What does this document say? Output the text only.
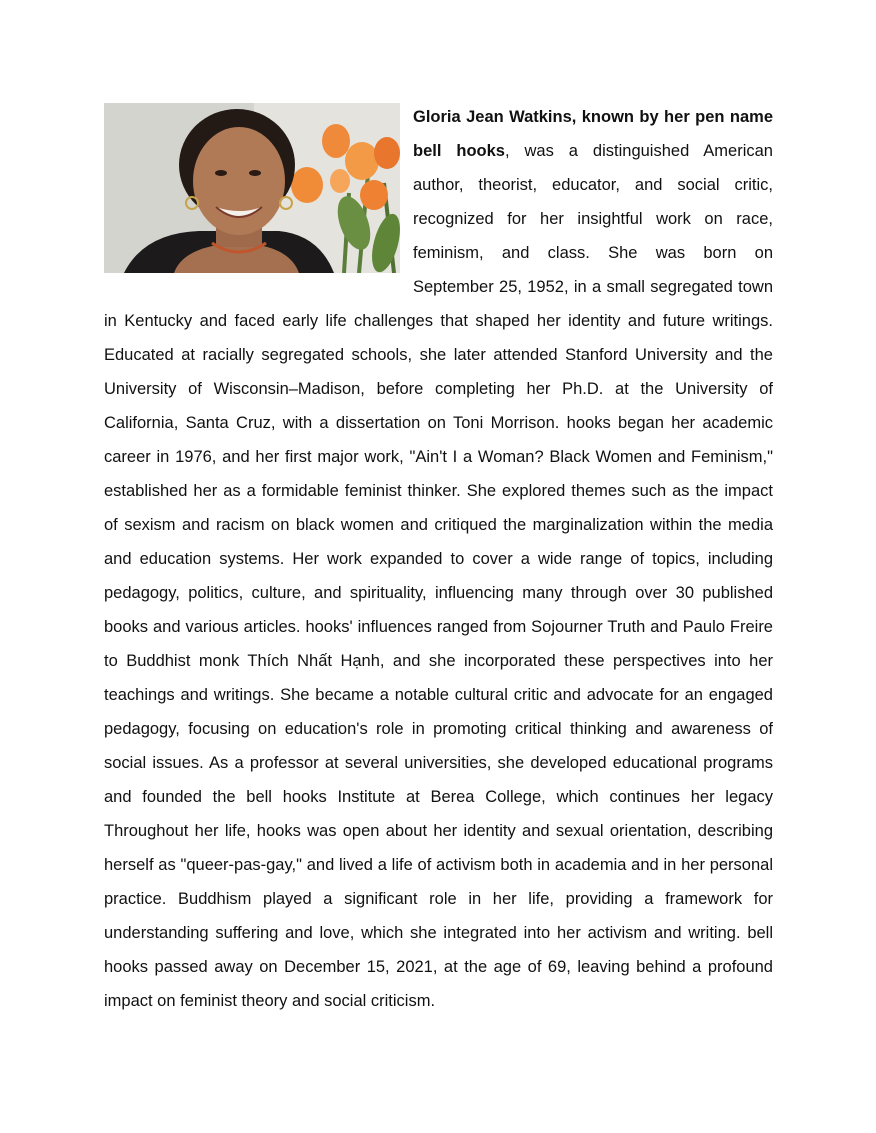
Gloria Jean Watkins, known by her pen name bell hooks, was a distinguished American author, theorist, educator, and social critic, recognized for her insightful work on race, feminism, and class. She was born on September 25, 1952, in a small segregated town in Kentucky and faced early life challenges that shaped her identity and future writings. Educated at racially segregated schools, she later attended Stanford University and the University of Wisconsin–Madison, before completing her Ph.D. at the University of California, Santa Cruz, with a dissertation on Toni Morrison. hooks began her academic career in 1976, and her first major work, "Ain't I a Woman? Black Women and Feminism," established her as a formidable feminist thinker. She explored themes such as the impact of sexism and racism on black women and critiqued the marginalization within the media and education systems. Her work expanded to cover a wide range of topics, including pedagogy, politics, culture, and spirituality, influencing many through over 30 published books and various articles. hooks' influences ranged from Sojourner Truth and Paulo Freire to Buddhist monk Thích Nhất Hạnh, and she incorporated these perspectives into her teachings and writings. She became a notable cultural critic and advocate for an engaged pedagogy, focusing on education's role in promoting critical thinking and awareness of social issues. As a professor at several universities, she developed educational programs and founded the bell hooks Institute at Berea College, which continues her legacy Throughout her life, hooks was open about her identity and sexual orientation, describing herself as "queer-pas-gay," and lived a life of activism both in academia and in her personal practice. Buddhism played a significant role in her life, providing a framework for understanding suffering and love, which she integrated into her activism and writing. bell hooks passed away on December 15, 2021, at the age of 69, leaving behind a profound impact on feminist theory and social criticism.
